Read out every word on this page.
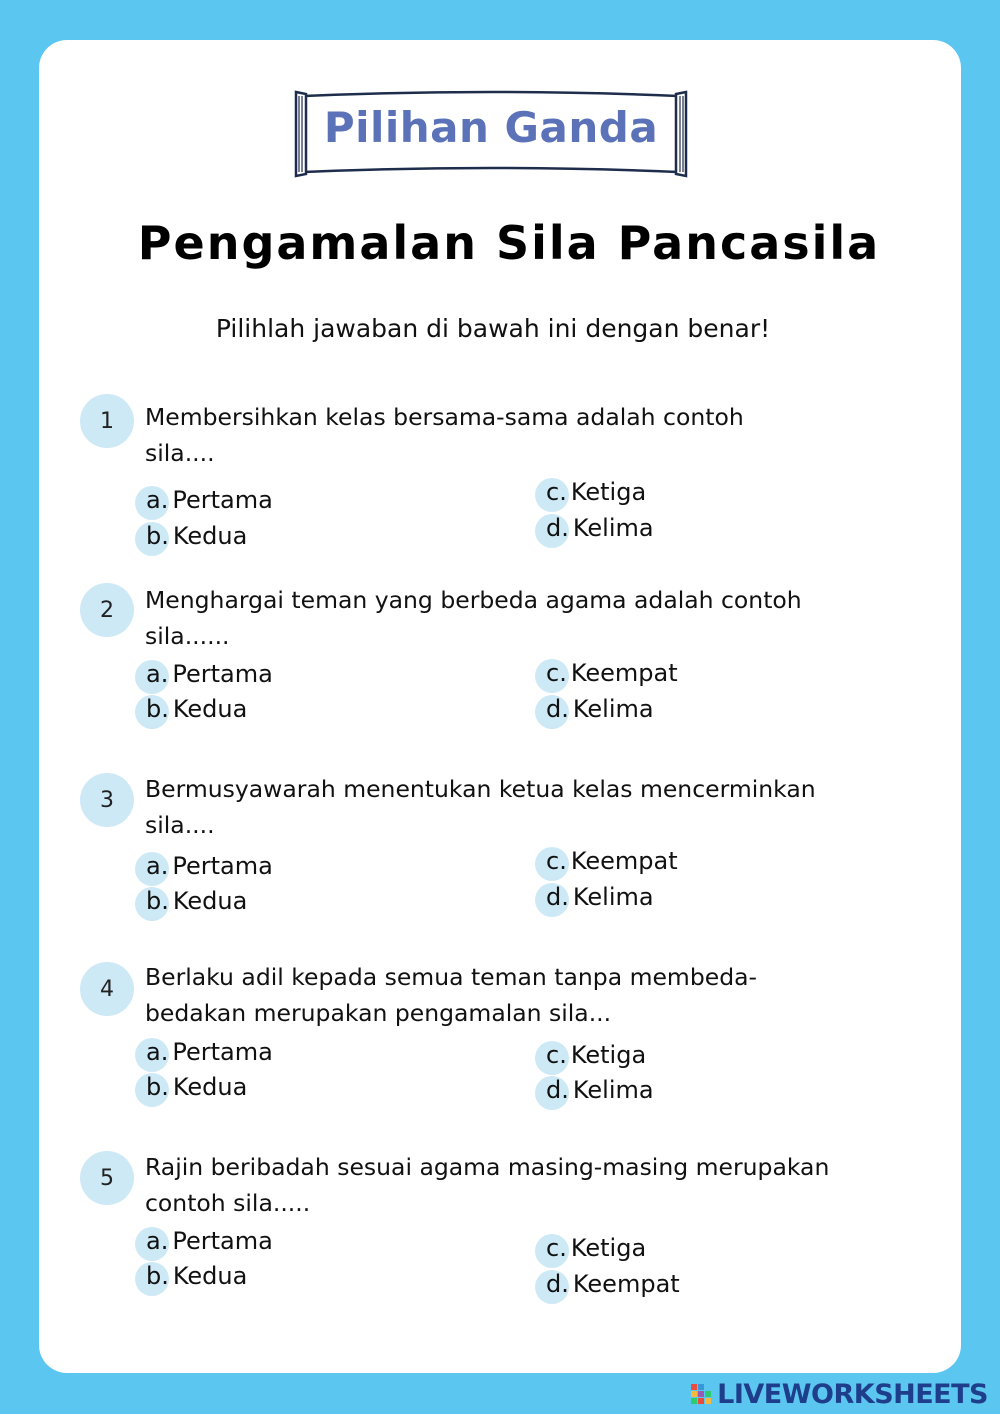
Pilihan Ganda
Pengamalan Sila Pancasila
Pilihlah jawaban di bawah ini dengan benar!
1	Membersihkan kelas bersama-sama adalah contoh
sila....
a. Pertama
b. Kedua
c. Ketiga
d. Kelima
2	Menghargai teman yang berbeda agama adalah contoh
sila......
a. Pertama
b. Kedua
c. Keempat
d. Kelima
3	Bermusyawarah menentukan ketua kelas mencerminkan
sila....
a. Pertama
b. Kedua
c. Keempat
d. Kelima
4	Berlaku adil kepada semua teman tanpa membeda-
bedakan merupakan pengamalan sila...
a. Pertama
b. Kedua
c. Ketiga
d. Kelima
5	Rajin beribadah sesuai agama masing-masing merupakan
contoh sila.....
a. Pertama
b. Kedua
c. Ketiga
d. Keempat
LIVEWORKSHEETS
